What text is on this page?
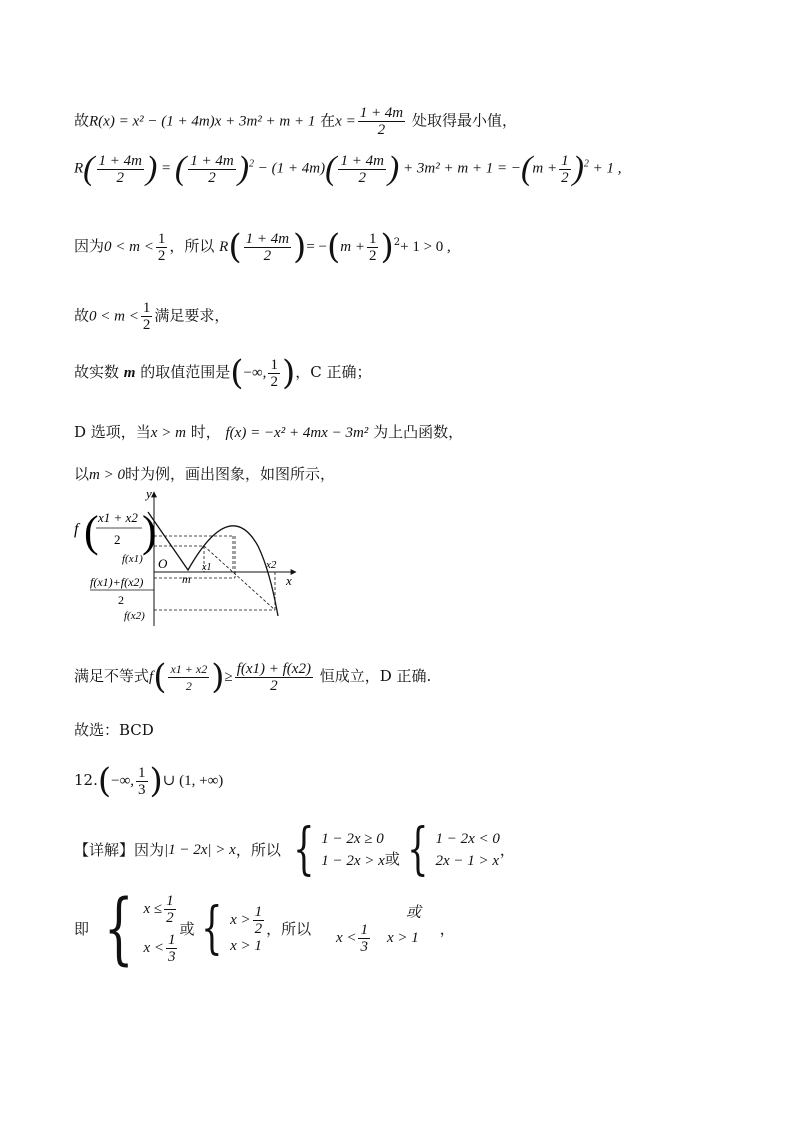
故R(x) = x² − (1 + 4m)x + 3m² + m + 1 在$x = \frac{1 + 4m}{2}$ 处取得最小值，
$R( \frac{1 + 4m}{2}$ ) = ( $\frac{1 + 4m}{2} )^2 - (1 + 4m)( \frac{1 + 4m}{2}$ ) + $3m^2 + m + 1 = -(m + \frac{1}{2} )^2 + 1$ ,
因为$0 < m < \frac{1}{2}$ ，所以 $R( \frac{1 + 4m}{2}$ )= $-(m + \frac{1}{2} )^2+ 1 > 0$ ,
故$0 < m < \frac{1}{2}$ 满足要求，
故实数 m 的取值范围是(−∞, $\frac{1}{2}$ )，C 正确；
D 选项，当x > m 时， f(x) = −x² + 4mx − 3m² 为上凸函数，
以m > 0时为例，画出图象，如图所示，
y
x
O
m
x1	x2
f(x1)
f(x1)+f(x2)
2
f(x2)
f ( x1 + x2
2 )
满足不等式$f( \frac{x1 + x2}{2}$ )≥ $\frac{f(x1) + f(x2)}{2}$ 恒成立，D 正确.
故选：BCD
12.(−∞, $\frac{1}{3}$ )∪ (1, +∞)
【详解】因为|1 − 2x| > x，所以 { 1 − 2x ≥ 0
1 − 2x > x 或 { 1 − 2x < 0
2x − 1 > x
，
即 { $x \le \frac{1}{2}$
$x < \frac{1}{3}$
或 { $x > \frac{1}{2}$
x > 1
，所以
或
$x < \frac{1}{3}$ x > 1 ，
